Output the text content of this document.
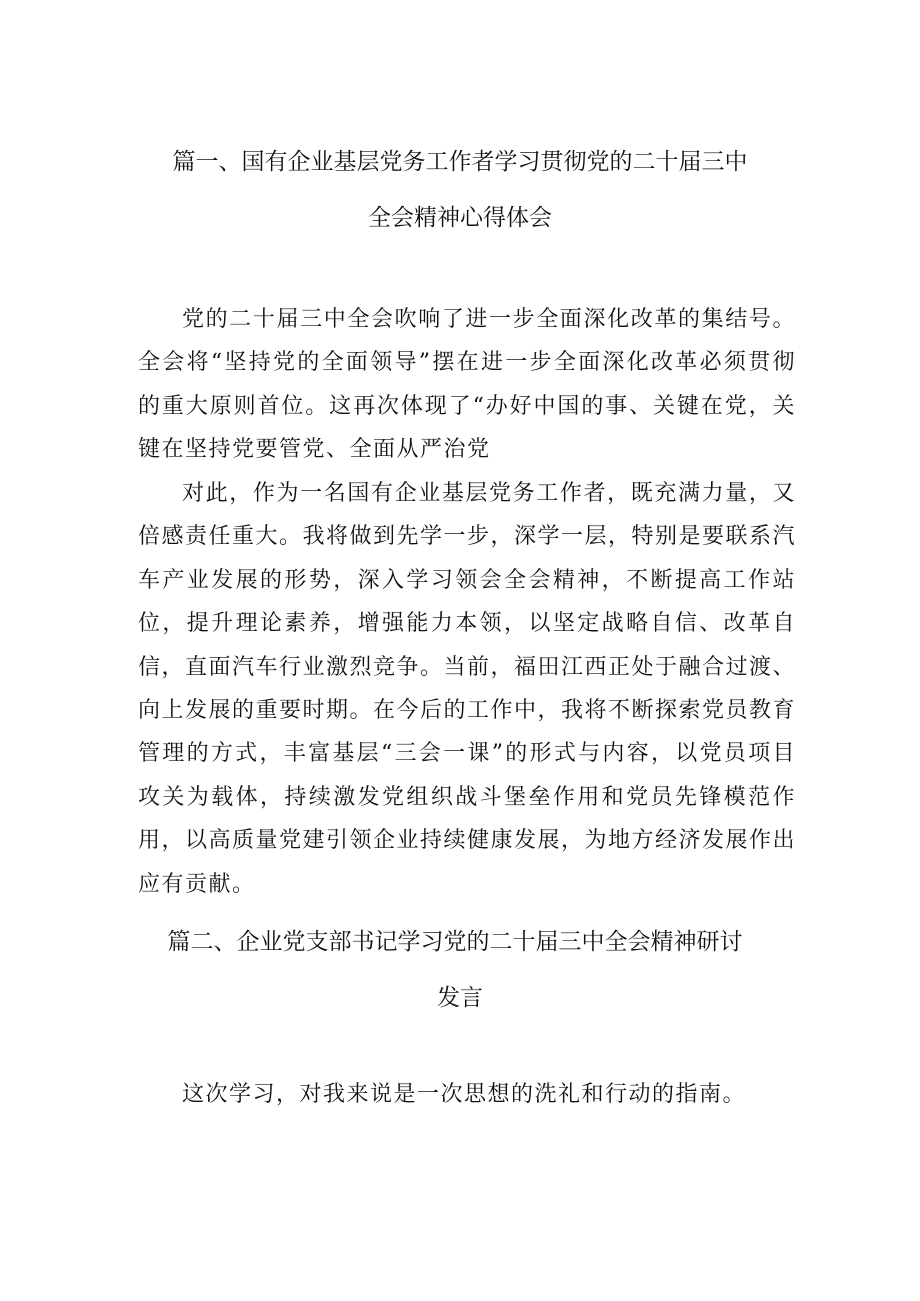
篇一、国有企业基层党务工作者学习贯彻党的二十届三中
全会精神心得体会

党的二十届三中全会吹响了进一步全面深化改革的集结号。全会将“坚持党的全面领导”摆在进一步全面深化改革必须贯彻的重大原则首位。这再次体现了“办好中国的事、关键在党，关键在坚持党要管党、全面从严治党

对此，作为一名国有企业基层党务工作者，既充满力量，又倍感责任重大。我将做到先学一步，深学一层，特别是要联系汽车产业发展的形势，深入学习领会全会精神，不断提高工作站位，提升理论素养，增强能力本领，以坚定战略自信、改革自信，直面汽车行业激烈竞争。当前，福田江西正处于融合过渡、向上发展的重要时期。在今后的工作中，我将不断探索党员教育管理的方式，丰富基层“三会一课”的形式与内容，以党员项目攻关为载体，持续激发党组织战斗堡垒作用和党员先锋模范作用，以高质量党建引领企业持续健康发展，为地方经济发展作出应有贡献。

篇二、企业党支部书记学习党的二十届三中全会精神研讨
发言

这次学习，对我来说是一次思想的洗礼和行动的指南。
